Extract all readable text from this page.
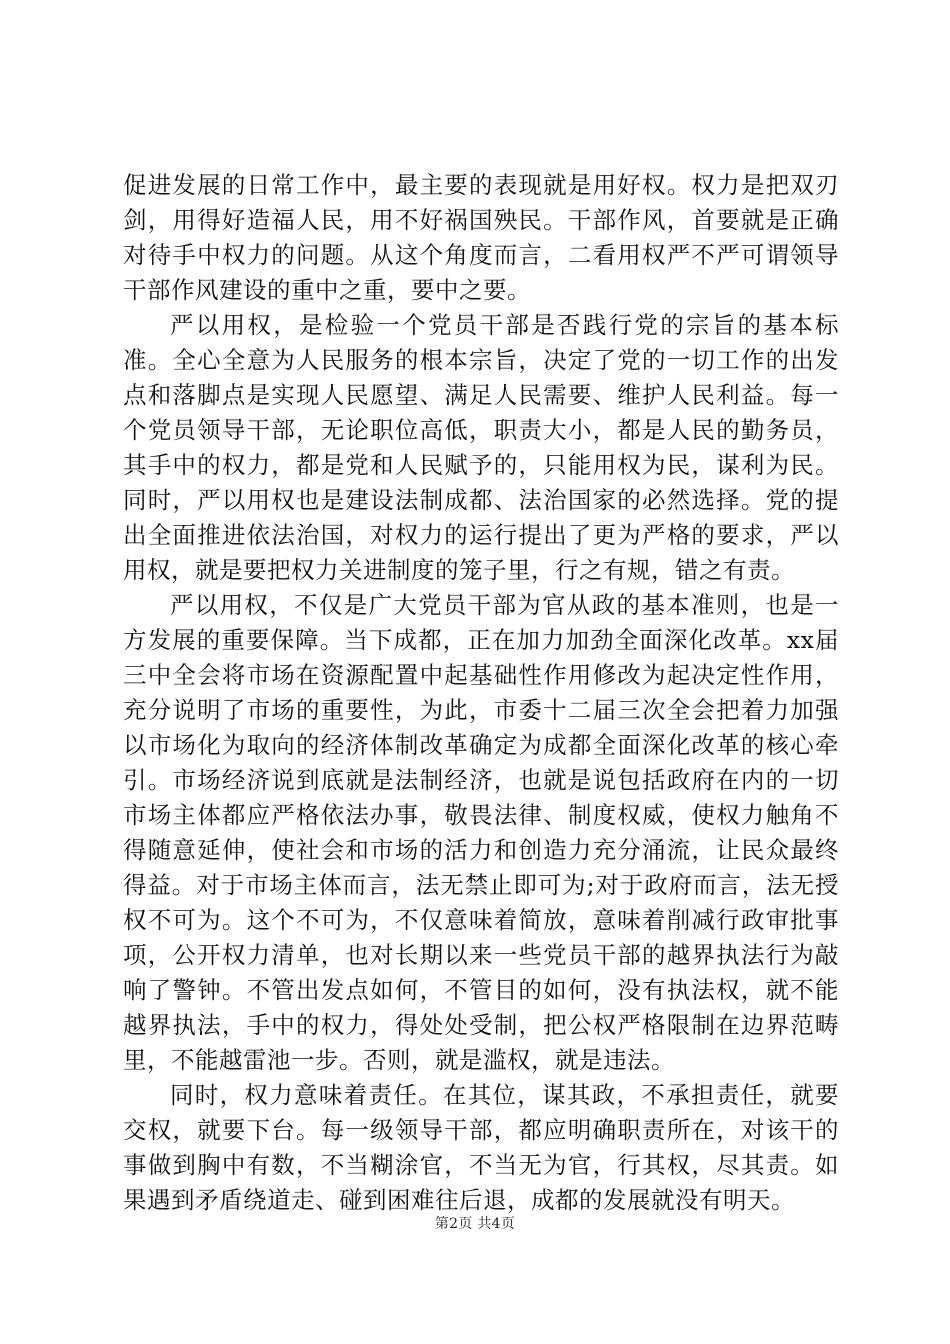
促进发展的日常工作中，最主要的表现就是用好权。权力是把双刃剑，用得好造福人民，用不好祸国殃民。干部作风，首要就是正确对待手中权力的问题。从这个角度而言，二看用权严不严可谓领导干部作风建设的重中之重，要中之要。

严以用权，是检验一个党员干部是否践行党的宗旨的基本标准。全心全意为人民服务的根本宗旨，决定了党的一切工作的出发点和落脚点是实现人民愿望、满足人民需要、维护人民利益。每一个党员领导干部，无论职位高低，职责大小，都是人民的勤务员，其手中的权力，都是党和人民赋予的，只能用权为民，谋利为民。同时，严以用权也是建设法制成都、法治国家的必然选择。党的提出全面推进依法治国，对权力的运行提出了更为严格的要求，严以用权，就是要把权力关进制度的笼子里，行之有规，错之有责。

严以用权，不仅是广大党员干部为官从政的基本准则，也是一方发展的重要保障。当下成都，正在加力加劲全面深化改革。xx届三中全会将市场在资源配置中起基础性作用修改为起决定性作用，充分说明了市场的重要性，为此，市委十二届三次全会把着力加强以市场化为取向的经济体制改革确定为成都全面深化改革的核心牵引。市场经济说到底就是法制经济，也就是说包括政府在内的一切市场主体都应严格依法办事，敬畏法律、制度权威，使权力触角不得随意延伸，使社会和市场的活力和创造力充分涌流，让民众最终得益。对于市场主体而言，法无禁止即可为;对于政府而言，法无授权不可为。这个不可为，不仅意味着简放，意味着削减行政审批事项，公开权力清单，也对长期以来一些党员干部的越界执法行为敲响了警钟。不管出发点如何，不管目的如何，没有执法权，就不能越界执法，手中的权力，得处处受制，把公权严格限制在边界范畴里，不能越雷池一步。否则，就是滥权，就是违法。

同时，权力意味着责任。在其位，谋其政，不承担责任，就要交权，就要下台。每一级领导干部，都应明确职责所在，对该干的事做到胸中有数，不当糊涂官，不当无为官，行其权，尽其责。如果遇到矛盾绕道走、碰到困难往后退，成都的发展就没有明天。

第2页 共4页
